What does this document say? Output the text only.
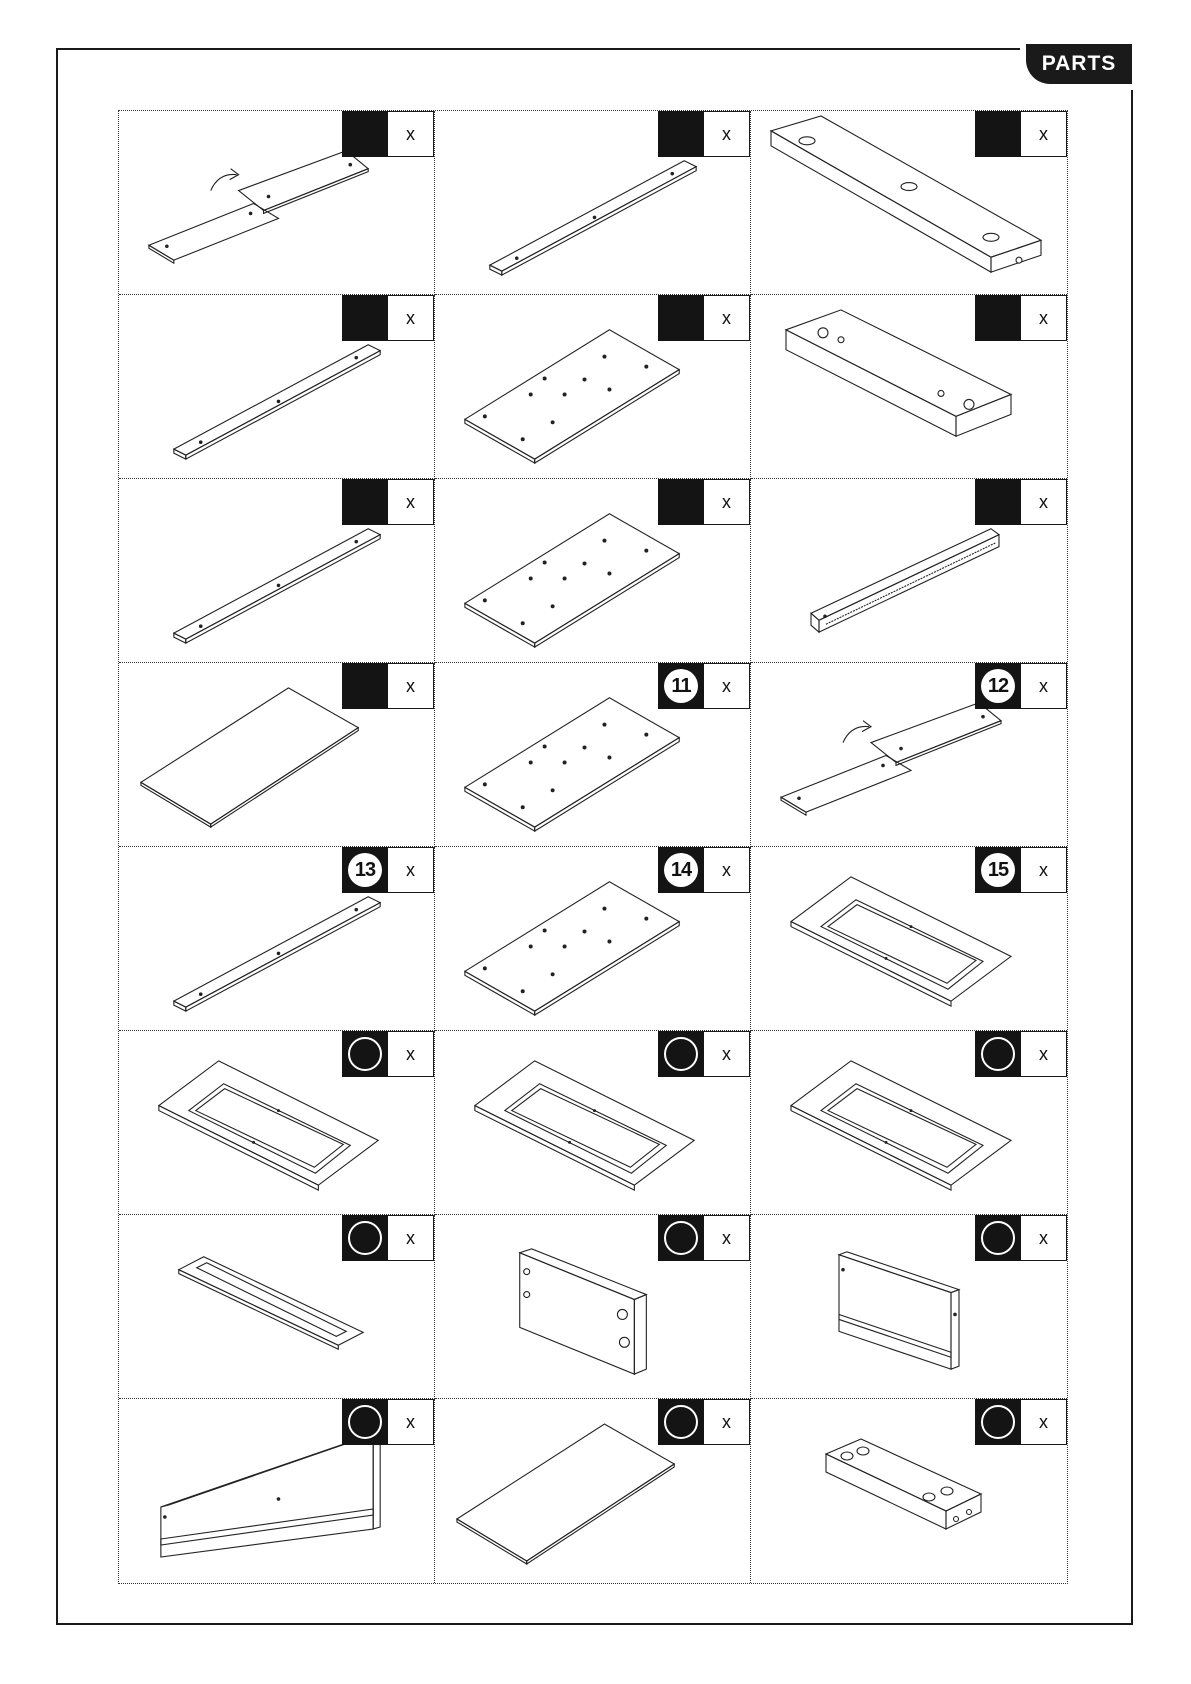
PARTS
x	x	x
x	x	x
x	x	x
x	11	x	12	x
13	x	14	x	15	x
x	x	x
x	x	x
x	x	x
